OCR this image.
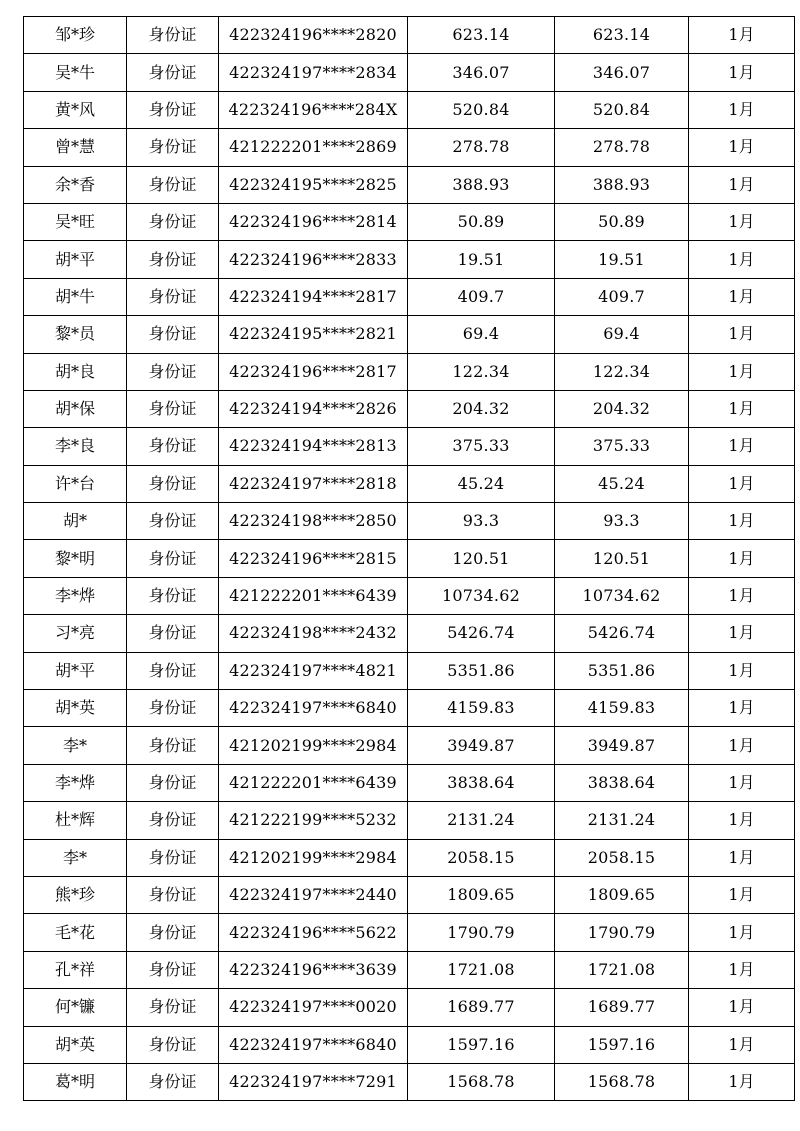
邹*珍	身份证	422324196****2820	623.14	623.14	1月
吴*牛	身份证	422324197****2834	346.07	346.07	1月
黄*风	身份证	422324196****284X	520.84	520.84	1月
曾*慧	身份证	421222201****2869	278.78	278.78	1月
余*香	身份证	422324195****2825	388.93	388.93	1月
吴*旺	身份证	422324196****2814	50.89	50.89	1月
胡*平	身份证	422324196****2833	19.51	19.51	1月
胡*牛	身份证	422324194****2817	409.7	409.7	1月
黎*员	身份证	422324195****2821	69.4	69.4	1月
胡*良	身份证	422324196****2817	122.34	122.34	1月
胡*保	身份证	422324194****2826	204.32	204.32	1月
李*良	身份证	422324194****2813	375.33	375.33	1月
许*台	身份证	422324197****2818	45.24	45.24	1月
胡*	身份证	422324198****2850	93.3	93.3	1月
黎*明	身份证	422324196****2815	120.51	120.51	1月
李*烨	身份证	421222201****6439	10734.62	10734.62	1月
习*亮	身份证	422324198****2432	5426.74	5426.74	1月
胡*平	身份证	422324197****4821	5351.86	5351.86	1月
胡*英	身份证	422324197****6840	4159.83	4159.83	1月
李*	身份证	421202199****2984	3949.87	3949.87	1月
李*烨	身份证	421222201****6439	3838.64	3838.64	1月
杜*辉	身份证	421222199****5232	2131.24	2131.24	1月
李*	身份证	421202199****2984	2058.15	2058.15	1月
熊*珍	身份证	422324197****2440	1809.65	1809.65	1月
毛*花	身份证	422324196****5622	1790.79	1790.79	1月
孔*祥	身份证	422324196****3639	1721.08	1721.08	1月
何*镰	身份证	422324197****0020	1689.77	1689.77	1月
胡*英	身份证	422324197****6840	1597.16	1597.16	1月
葛*明	身份证	422324197****7291	1568.78	1568.78	1月
